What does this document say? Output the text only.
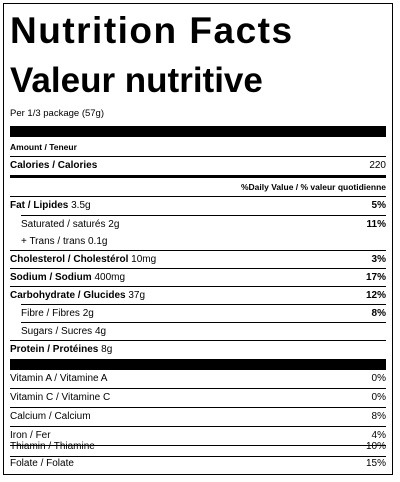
Nutrition Facts
Valeur nutritive
Per 1/3 package (57g)
Amount / Teneur
Calories / Calories	220
%Daily Value / % valeur quotidienne
Fat / Lipides 3.5g	5%
Saturated / saturés 2g	11%
+ Trans / trans 0.1g
Cholesterol / Cholestérol 10mg	3%
Sodium / Sodium 400mg	17%
Carbohydrate / Glucides 37g	12%
Fibre / Fibres 2g	8%
Sugars / Sucres 4g
Protein / Protéines 8g
Vitamin A / Vitamine A	0%
Vitamin C / Vitamine C	0%
Calcium / Calcium	8%
Iron / Fer	4%
Thiamin / Thiamine	10%
Folate / Folate	15%
